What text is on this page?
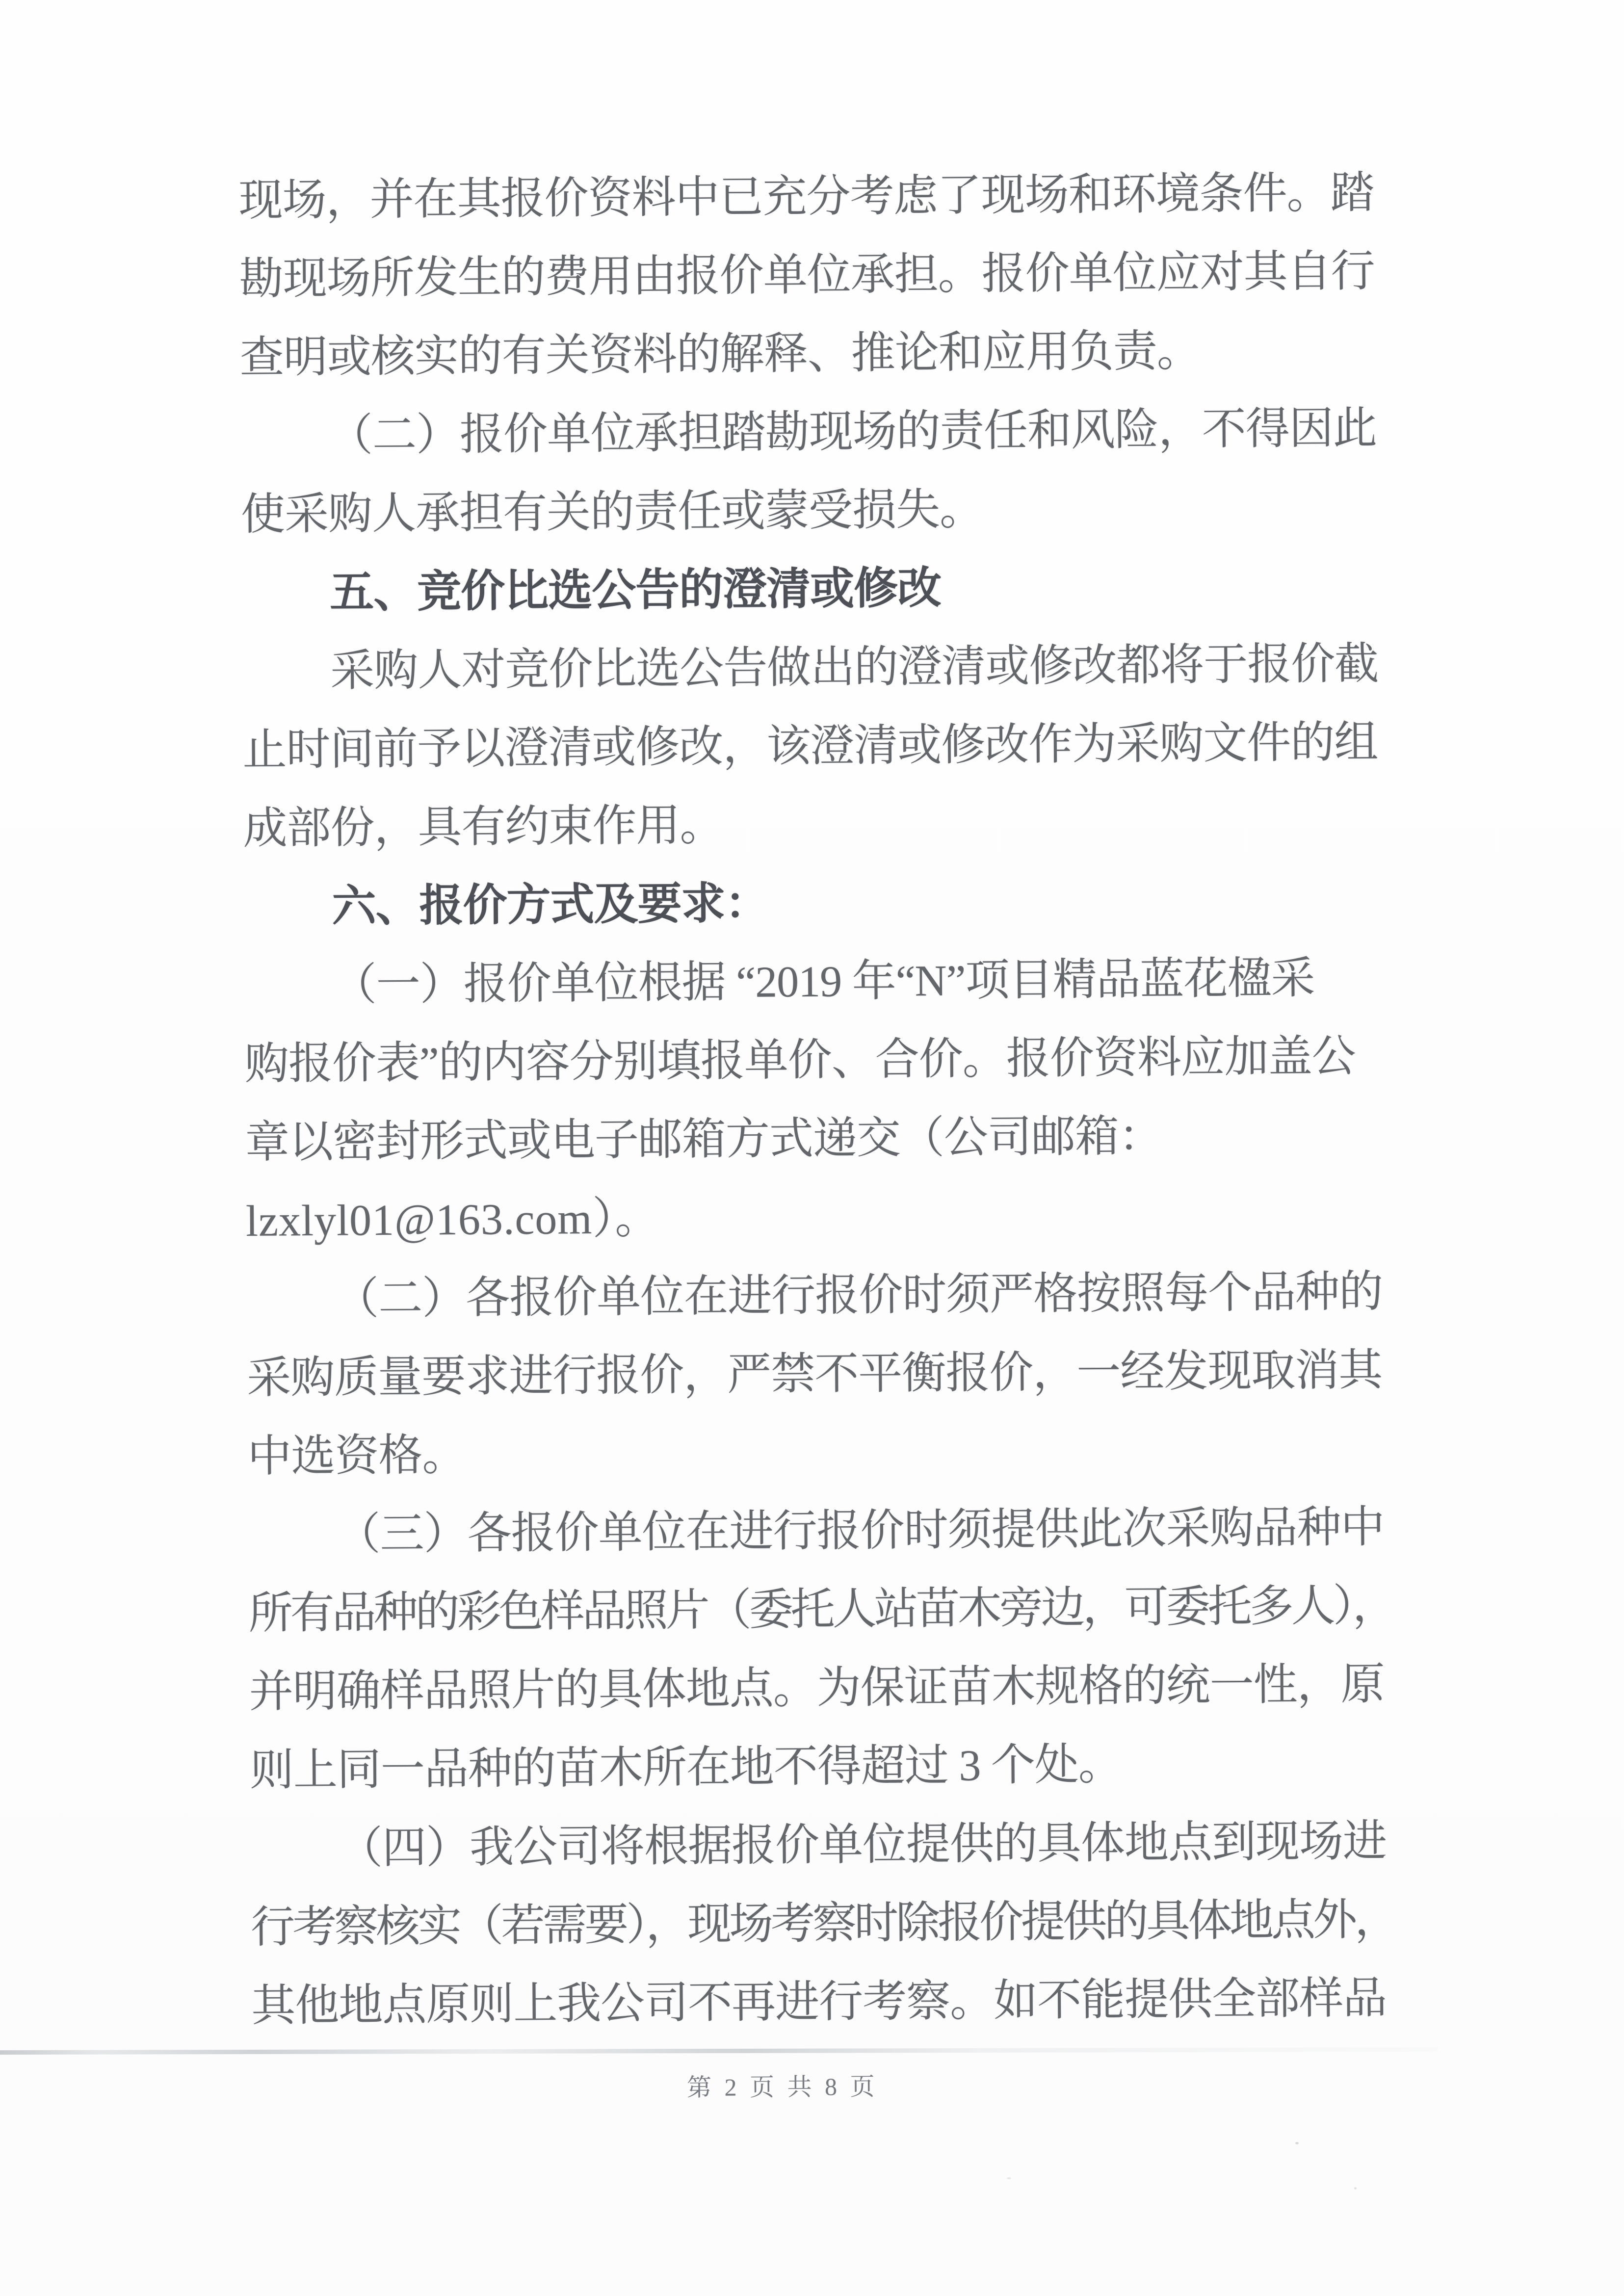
现场，并在其报价资料中已充分考虑了现场和环境条件。踏
勘现场所发生的费用由报价单位承担。报价单位应对其自行
查明或核实的有关资料的解释、推论和应用负责。
（二）报价单位承担踏勘现场的责任和风险，不得因此
使采购人承担有关的责任或蒙受损失。
五、竞价比选公告的澄清或修改
采购人对竞价比选公告做出的澄清或修改都将于报价截
止时间前予以澄清或修改，该澄清或修改作为采购文件的组
成部份，具有约束作用。
六、报价方式及要求：
（一）报价单位根据 “2019 年“N”项目精品蓝花楹采
购报价表”的内容分别填报单价、合价。报价资料应加盖公
章以密封形式或电子邮箱方式递交（公司邮箱：
lzxlyl01@163.com）。
（二）各报价单位在进行报价时须严格按照每个品种的
采购质量要求进行报价，严禁不平衡报价，一经发现取消其
中选资格。
（三）各报价单位在进行报价时须提供此次采购品种中
所有品种的彩色样品照片（委托人站苗木旁边，可委托多人），
并明确样品照片的具体地点。为保证苗木规格的统一性，原
则上同一品种的苗木所在地不得超过 3 个处。
（四）我公司将根据报价单位提供的具体地点到现场进
行考察核实（若需要），现场考察时除报价提供的具体地点外，
其他地点原则上我公司不再进行考察。如不能提供全部样品
第 2 页 共 8 页
